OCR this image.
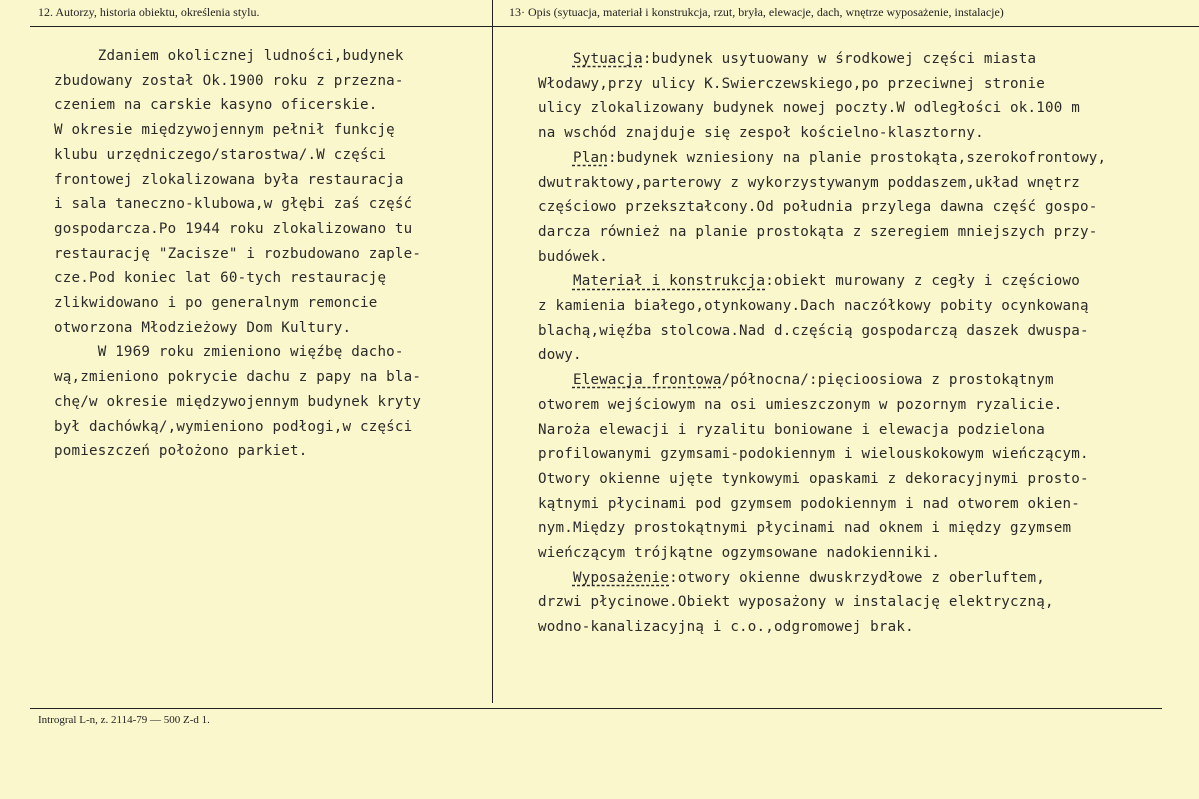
12. Autorzy, historia obiektu, określenia stylu.	13· Opis (sytuacja, materiał i konstrukcja, rzut, bryła, elewacje, dach, wnętrze wyposażenie, instalacje)
Zdaniem okolicznej ludności,budynek
zbudowany został Ok.1900 roku z przezna-
czeniem na carskie kasyno oficerskie.
W okresie międzywojennym pełnił funkcję
klubu urzędniczego/starostwa/.W części
frontowej zlokalizowana była restauracja
i sala taneczno-klubowa,w głębi zaś część
gospodarcza.Po 1944 roku zlokalizowano tu
restaurację "Zacisze" i rozbudowano zaple-
cze.Pod koniec lat 60-tych restaurację
zlikwidowano i po generalnym remoncie
otworzona Młodzieżowy Dom Kultury.
W 1969 roku zmieniono więźbę dacho-
wą,zmieniono pokrycie dachu z papy na bla-
chę/w okresie międzywojennym budynek kryty
był dachówką/,wymieniono podłogi,w części
pomieszczeń położono parkiet.
Sytuacja:budynek usytuowany w środkowej części miasta
Włodawy,przy ulicy K.Swierczewskiego,po przeciwnej stronie
ulicy zlokalizowany budynek nowej poczty.W odległości ok.100 m
na wschód znajduje się zespoł kościelno-klasztorny.
Plan:budynek wzniesiony na planie prostokąta,szerokofrontowy,
dwutraktowy,parterowy z wykorzystywanym poddaszem,układ wnętrz
częściowo przekształcony.Od południa przylega dawna część gospo-
darcza również na planie prostokąta z szeregiem mniejszych przy-
budówek.
Materiał i konstrukcja:obiekt murowany z cegły i częściowo
z kamienia białego,otynkowany.Dach naczółkowy pobity ocynkowaną
blachą,więźba stolcowa.Nad d.częścią gospodarczą daszek dwuspa-
dowy.
Elewacja frontowa/północna/:pięcioosiowa z prostokątnym
otworem wejściowym na osi umieszczonym w pozornym ryzalicie.
Naroża elewacji i ryzalitu boniowane i elewacja podzielona
profilowanymi gzymsami-podokiennym i wielouskokowym wieńczącym.
Otwory okienne ujęte tynkowymi opaskami z dekoracyjnymi prosto-
kątnymi płycinami pod gzymsem podokiennym i nad otworem okien-
nym.Między prostokątnymi płycinami nad oknem i między gzymsem
wieńczącym trójkątne ogzymsowane nadokienniki.
Wyposażenie:otwory okienne dwuskrzydłowe z oberluftem,
drzwi płycinowe.Obiekt wyposażony w instalację elektryczną,
wodno-kanalizacyjną i c.o.,odgromowej brak.
Introgral L-n, z. 2114-79 — 500 Z-d 1.
